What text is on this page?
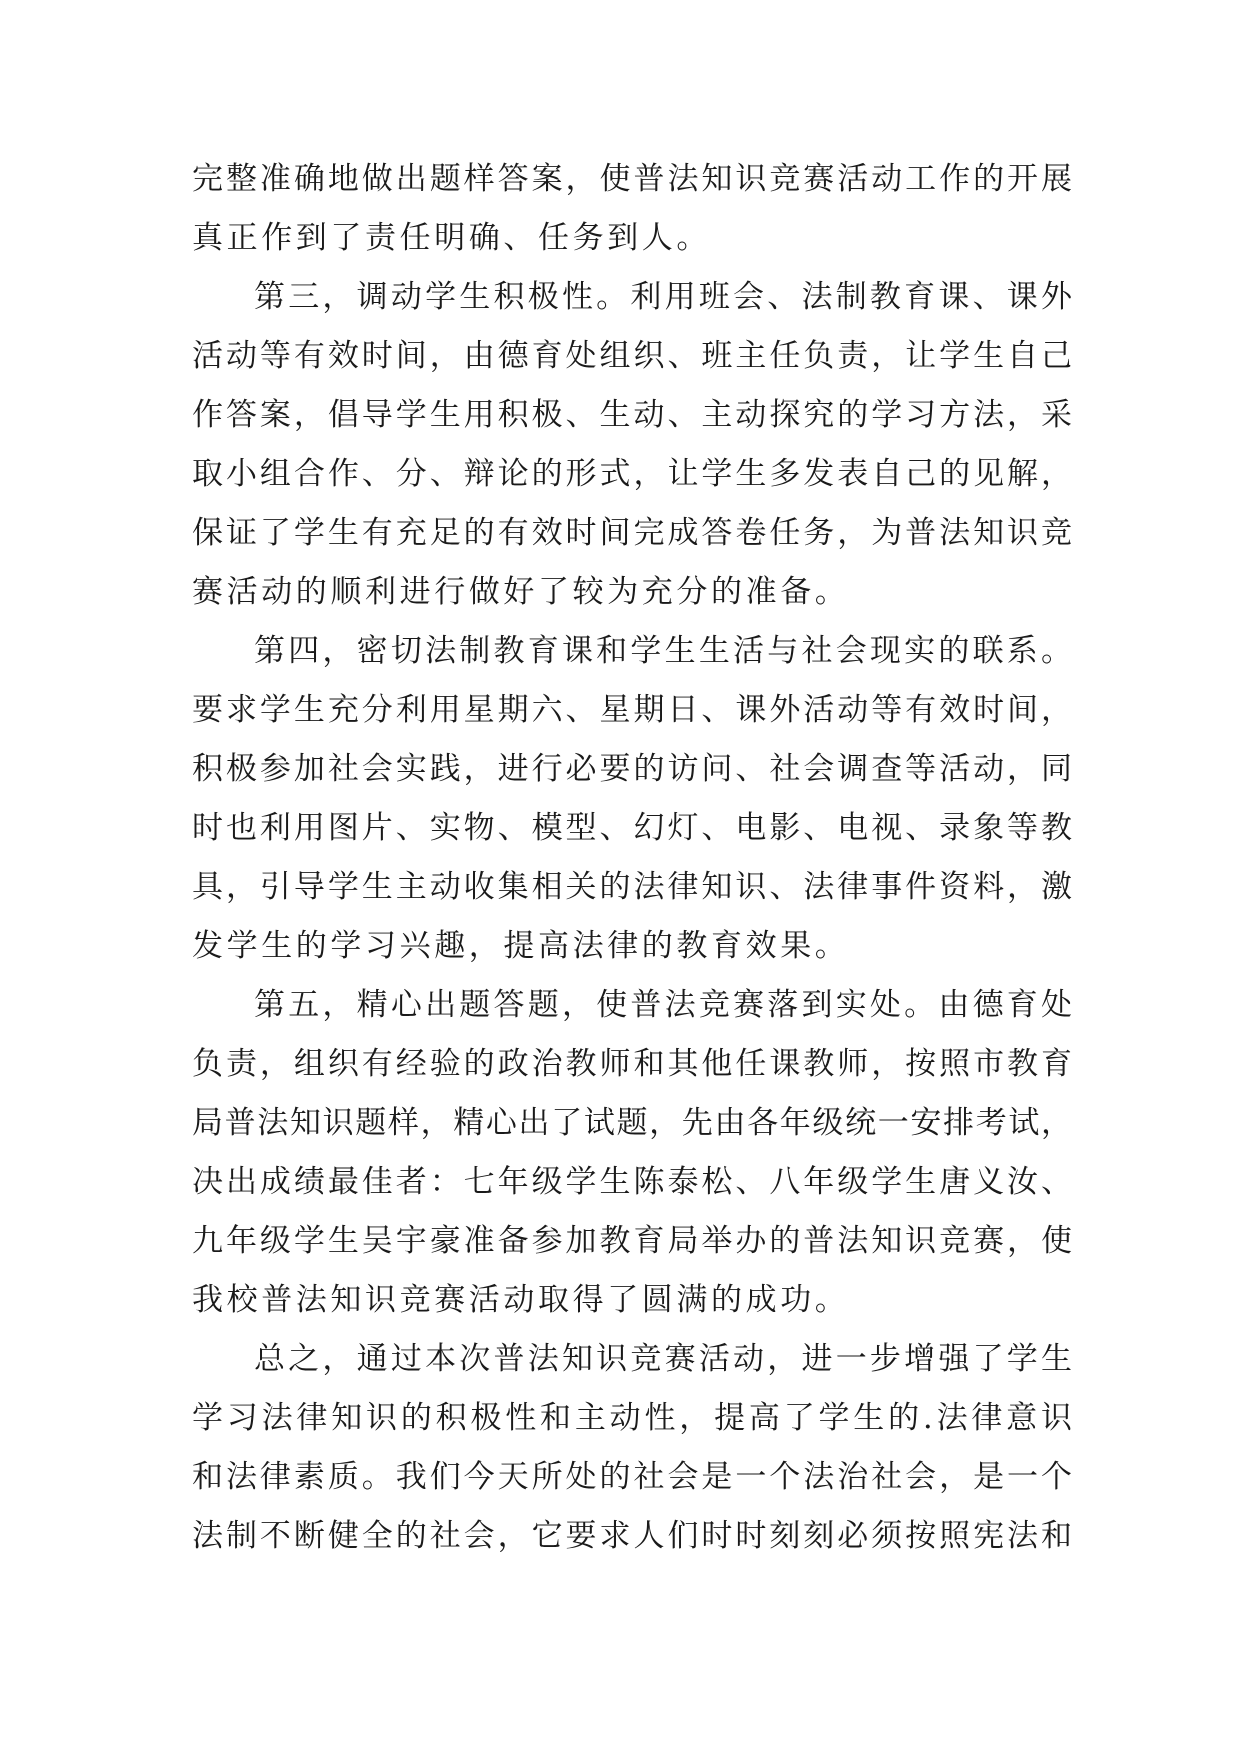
完整准确地做出题样答案，使普法知识竞赛活动工作的开展
真正作到了责任明确、任务到人。
第三，调动学生积极性。利用班会、法制教育课、课外
活动等有效时间，由德育处组织、班主任负责，让学生自己
作答案，倡导学生用积极、生动、主动探究的学习方法，采
取小组合作、分、辩论的形式，让学生多发表自己的见解，
保证了学生有充足的有效时间完成答卷任务，为普法知识竞
赛活动的顺利进行做好了较为充分的准备。
第四，密切法制教育课和学生生活与社会现实的联系。
要求学生充分利用星期六、星期日、课外活动等有效时间，
积极参加社会实践，进行必要的访问、社会调查等活动，同
时也利用图片、实物、模型、幻灯、电影、电视、录象等教
具，引导学生主动收集相关的法律知识、法律事件资料，激
发学生的学习兴趣，提高法律的教育效果。
第五，精心出题答题，使普法竞赛落到实处。由德育处
负责，组织有经验的政治教师和其他任课教师，按照市教育
局普法知识题样，精心出了试题，先由各年级统一安排考试，
决出成绩最佳者：七年级学生陈泰松、八年级学生唐义汝、
九年级学生吴宇豪准备参加教育局举办的普法知识竞赛，使
我校普法知识竞赛活动取得了圆满的成功。
总之，通过本次普法知识竞赛活动，进一步增强了学生
学习法律知识的积极性和主动性，提高了学生的.法律意识
和法律素质。我们今天所处的社会是一个法治社会，是一个
法制不断健全的社会，它要求人们时时刻刻必须按照宪法和
